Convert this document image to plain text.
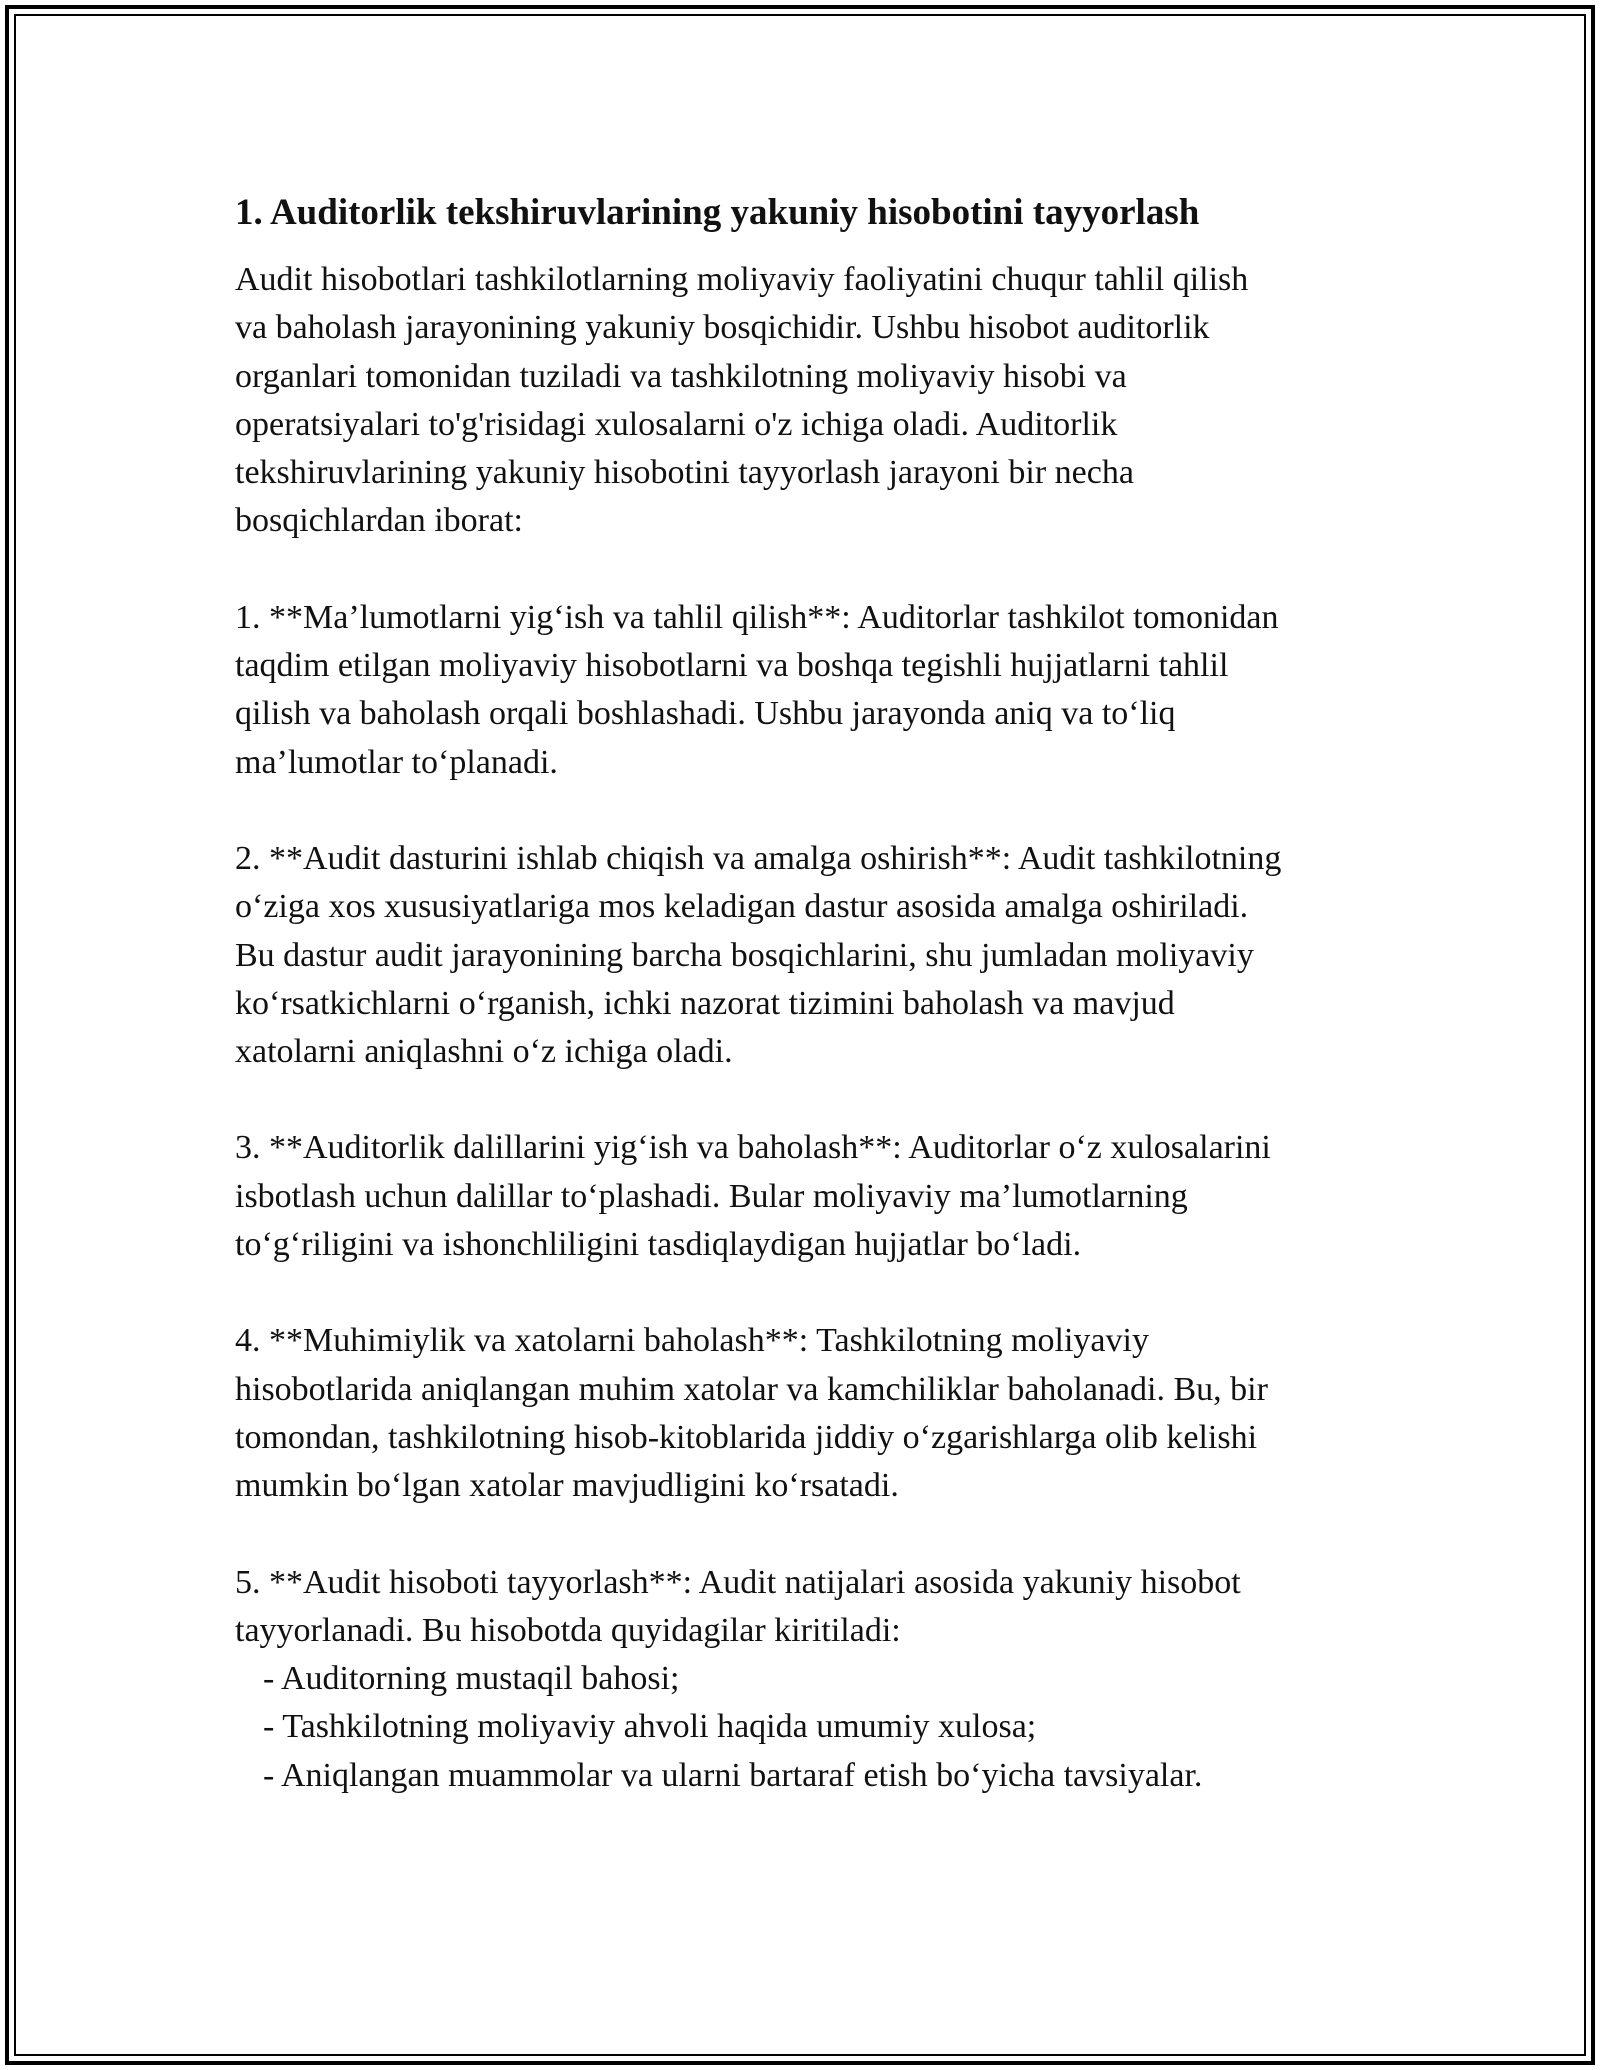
1. Auditorlik tekshiruvlarining yakuniy hisobotini tayyorlash

Audit hisobotlari tashkilotlarning moliyaviy faoliyatini chuqur tahlil qilish
va baholash jarayonining yakuniy bosqichidir. Ushbu hisobot auditorlik
organlari tomonidan tuziladi va tashkilotning moliyaviy hisobi va
operatsiyalari to'g'risidagi xulosalarni o'z ichiga oladi. Auditorlik
tekshiruvlarining yakuniy hisobotini tayyorlash jarayoni bir necha
bosqichlardan iborat:

1. **Ma’lumotlarni yig‘ish va tahlil qilish**: Auditorlar tashkilot tomonidan
taqdim etilgan moliyaviy hisobotlarni va boshqa tegishli hujjatlarni tahlil
qilish va baholash orqali boshlashadi. Ushbu jarayonda aniq va to‘liq
ma’lumotlar to‘planadi.

2. **Audit dasturini ishlab chiqish va amalga oshirish**: Audit tashkilotning
o‘ziga xos xususiyatlariga mos keladigan dastur asosida amalga oshiriladi.
Bu dastur audit jarayonining barcha bosqichlarini, shu jumladan moliyaviy
ko‘rsatkichlarni o‘rganish, ichki nazorat tizimini baholash va mavjud
xatolarni aniqlashni o‘z ichiga oladi.

3. **Auditorlik dalillarini yig‘ish va baholash**: Auditorlar o‘z xulosalarini
isbotlash uchun dalillar to‘plashadi. Bular moliyaviy ma’lumotlarning
to‘g‘riligini va ishonchliligini tasdiqlaydigan hujjatlar bo‘ladi.

4. **Muhimiylik va xatolarni baholash**: Tashkilotning moliyaviy
hisobotlarida aniqlangan muhim xatolar va kamchiliklar baholanadi. Bu, bir
tomondan, tashkilotning hisob-kitoblarida jiddiy o‘zgarishlarga olib kelishi
mumkin bo‘lgan xatolar mavjudligini ko‘rsatadi.

5. **Audit hisoboti tayyorlash**: Audit natijalari asosida yakuniy hisobot
tayyorlanadi. Bu hisobotda quyidagilar kiritiladi:

- Auditorning mustaqil bahosi;
- Tashkilotning moliyaviy ahvoli haqida umumiy xulosa;
- Aniqlangan muammolar va ularni bartaraf etish bo‘yicha tavsiyalar.
